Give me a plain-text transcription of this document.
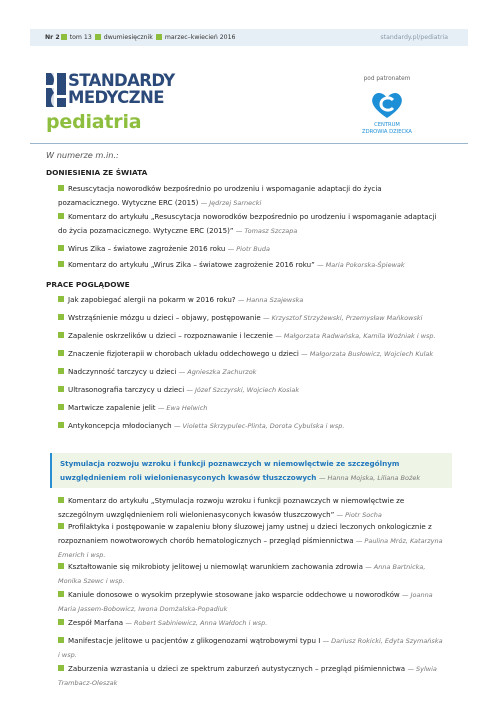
Nr 2 tom 13 dwumiesięcznik marzec–kwiecień 2016	standardy.pl/pediatria
STANDARDY
MEDYCZNE
pediatria
pod patronatem
CENTRUM
ZDROWIA DZIECKA
W numerze m.in.:
DONIESIENIA ZE ŚWIATA
Resuscytacja noworodków bezpośrednio po urodzeniu i wspomaganie adaptacji do życia
pozamacicznego. Wytyczne ERC (2015) — Jędrzej Sarnecki
Komentarz do artykułu „Resuscytacja noworodków bezpośrednio po urodzeniu i wspomaganie adaptacji
do życia pozamacicznego. Wytyczne ERC (2015)” — Tomasz Szczapa
Wirus Zika – światowe zagrożenie 2016 roku — Piotr Buda
Komentarz do artykułu „Wirus Zika – światowe zagrożenie 2016 roku” — Maria Pokorska-Śpiewak
PRACE POGLĄDOWE
Jak zapobiegać alergii na pokarm w 2016 roku? — Hanna Szajewska
Wstrząśnienie mózgu u dzieci – objawy, postępowanie — Krzysztof Strzyżewski, Przemysław Mańkowski
Zapalenie oskrzelików u dzieci – rozpoznawanie i leczenie — Małgorzata Radwańska, Kamila Woźniak i wsp.
Znaczenie fizjoterapii w chorobach układu oddechowego u dzieci — Małgorzata Busłowicz, Wojciech Kulak
Nadczynność tarczycy u dzieci — Agnieszka Zachurzok
Ultrasonografia tarczycy u dzieci — Józef Szczyrski, Wojciech Kosiak
Martwicze zapalenie jelit — Ewa Helwich
Antykoncepcja młodocianych — Violetta Skrzypulec-Plinta, Dorota Cybulska i wsp.
Stymulacja rozwoju wzroku i funkcji poznawczych w niemowlęctwie ze szczególnym
uwzględnieniem roli wielonienasyconych kwasów tłuszczowych — Hanna Mojska, Liliana Bożek
Komentarz do artykułu „Stymulacja rozwoju wzroku i funkcji poznawczych w niemowlęctwie ze
szczególnym uwzględnieniem roli wielonienasyconych kwasów tłuszczowych” — Piotr Socha
Profilaktyka i postępowanie w zapaleniu błony śluzowej jamy ustnej u dzieci leczonych onkologicznie z
rozpoznaniem nowotworowych chorób hematologicznych – przegląd piśmiennictwa — Paulina Mróz, Katarzyna
Emerich i wsp.
Kształtowanie się mikrobioty jelitowej u niemowląt warunkiem zachowania zdrowia — Anna Bartnicka,
Monika Szewc i wsp.
Kaniule donosowe o wysokim przepływie stosowane jako wsparcie oddechowe u noworodków — Joanna
Maria Jassem-Bobowicz, Iwona Domżalska-Popadiuk
Zespół Marfana — Robert Sabiniewicz, Anna Wałdoch i wsp.
Manifestacje jelitowe u pacjentów z glikogenozami wątrobowymi typu I — Dariusz Rokicki, Edyta Szymańska
i wsp.
Zaburzenia wzrastania u dzieci ze spektrum zaburzeń autystycznych – przegląd piśmiennictwa — Sylwia
Trambacz-Oleszak
